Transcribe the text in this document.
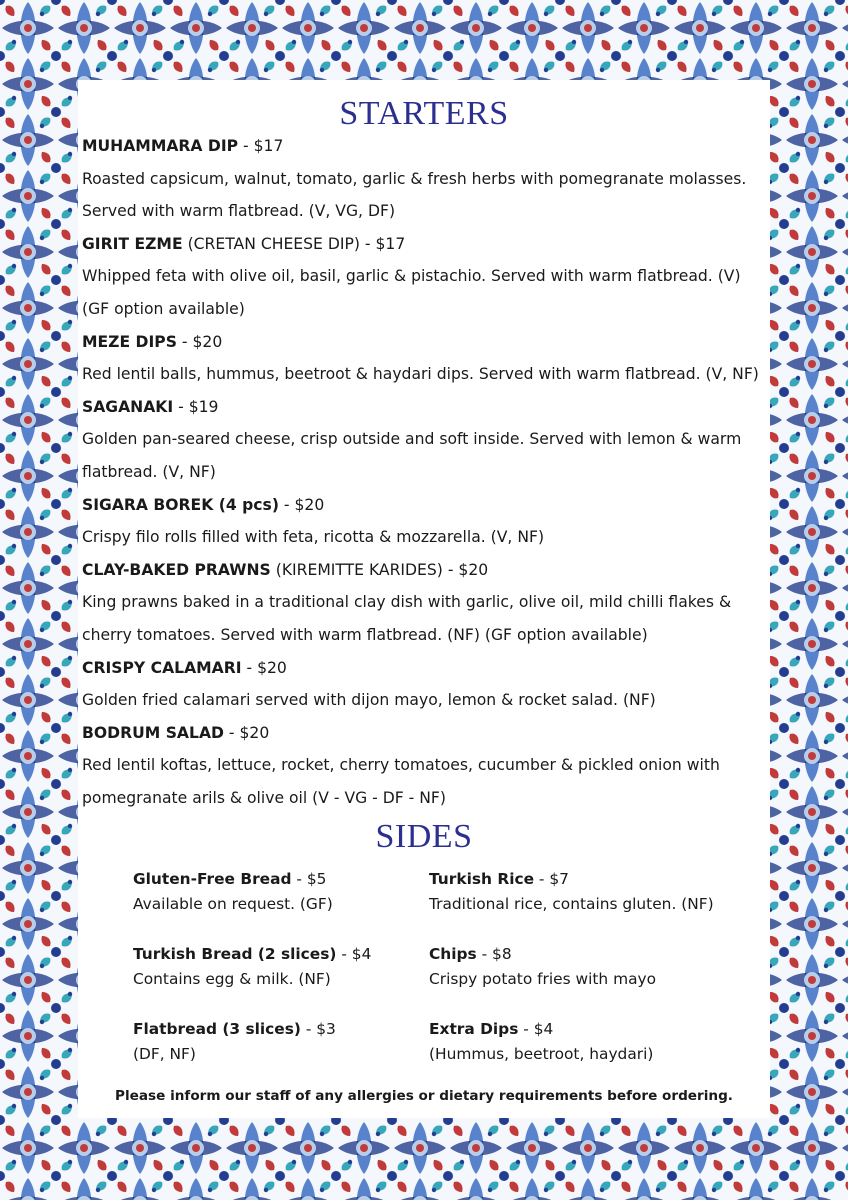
STARTERS
MUHAMMARA DIP - $17
Roasted capsicum, walnut, tomato, garlic & fresh herbs with pomegranate molasses.
Served with warm flatbread. (V, VG, DF)
GIRIT EZME (CRETAN CHEESE DIP) - $17
Whipped feta with olive oil, basil, garlic & pistachio. Served with warm flatbread. (V)
(GF option available)
MEZE DIPS - $20
Red lentil balls, hummus, beetroot & haydari dips. Served with warm flatbread. (V, NF)
SAGANAKI - $19
Golden pan-seared cheese, crisp outside and soft inside. Served with lemon & warm
flatbread. (V, NF)
SIGARA BOREK (4 pcs) - $20
Crispy filo rolls filled with feta, ricotta & mozzarella. (V, NF)
CLAY-BAKED PRAWNS (KIREMITTE KARIDES) - $20
King prawns baked in a traditional clay dish with garlic, olive oil, mild chilli flakes &
cherry tomatoes. Served with warm flatbread. (NF) (GF option available)
CRISPY CALAMARI - $20
Golden fried calamari served with dijon mayo, lemon & rocket salad. (NF)
BODRUM SALAD - $20
Red lentil koftas, lettuce, rocket, cherry tomatoes, cucumber & pickled onion with
pomegranate arils & olive oil (V - VG - DF - NF)
SIDES
Gluten-Free Bread - $5
Available on request. (GF)
Turkish Bread (2 slices) - $4
Contains egg & milk. (NF)
Flatbread (3 slices) - $3
(DF, NF)
Turkish Rice - $7
Traditional rice, contains gluten. (NF)
Chips - $8
Crispy potato fries with mayo
Extra Dips - $4
(Hummus, beetroot, haydari)
Please inform our staff of any allergies or dietary requirements before ordering.
